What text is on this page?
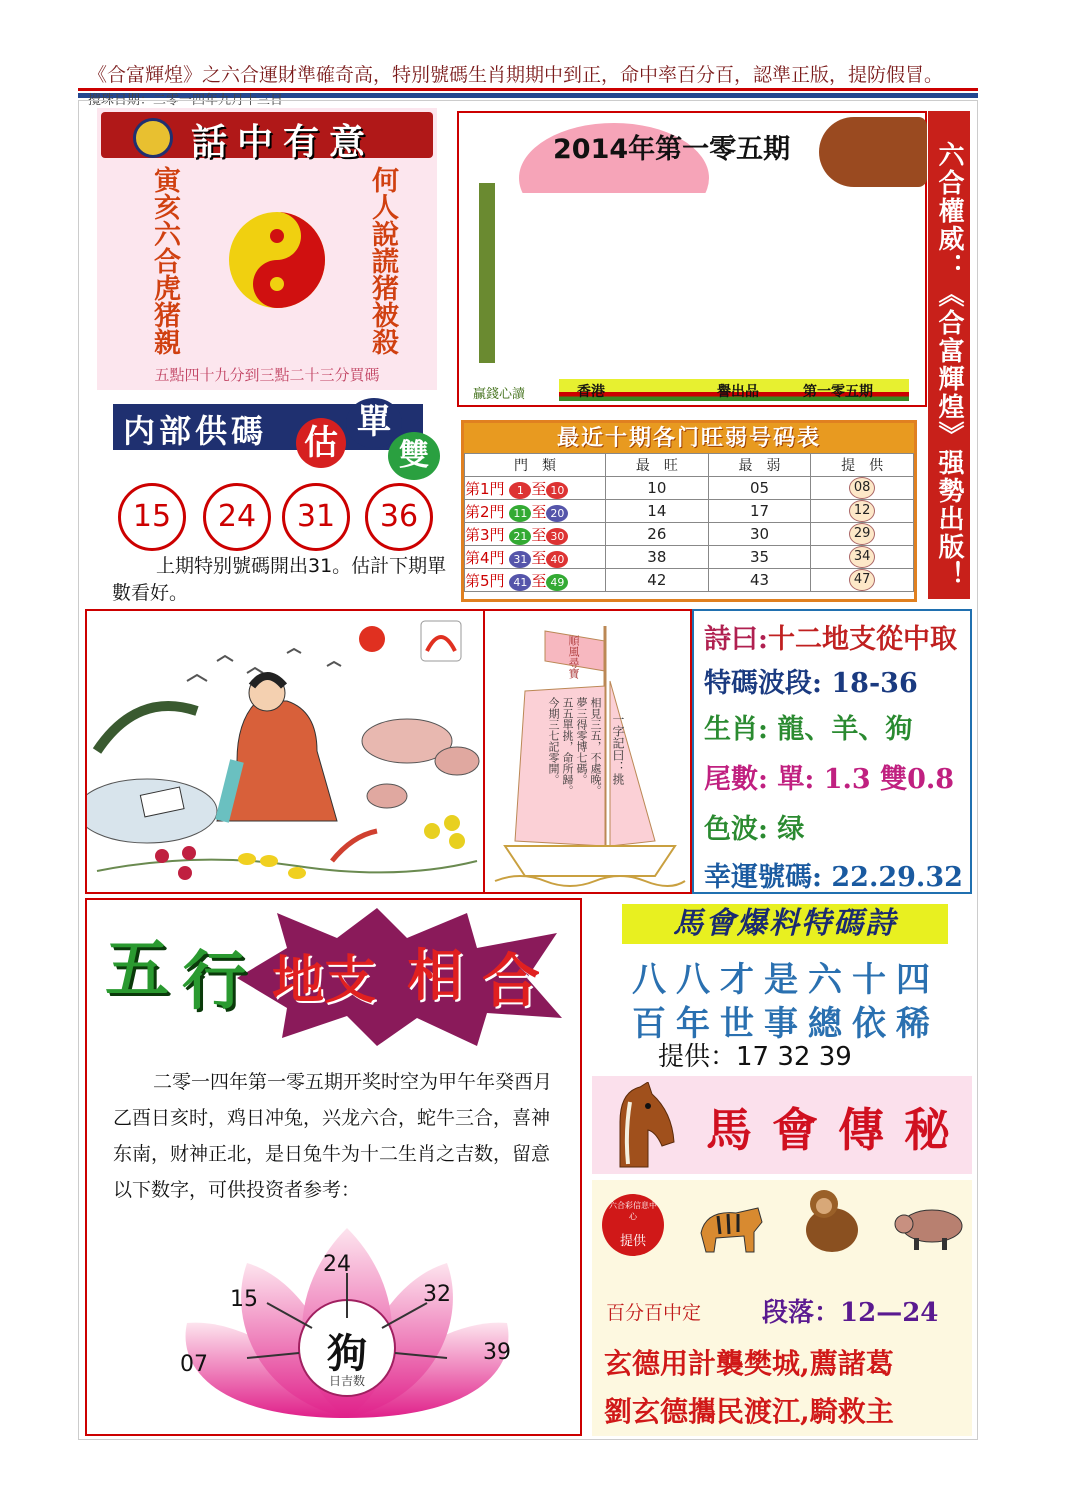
《合富輝煌》之六合運財準確奇高，特別號碼生肖期期中到正，命中率百分百，認準正版，提防假冒。
攪珠日期：二零一四年九月十三日
話中有意
寅亥六合虎猪親	何人說謊猪被殺
五點四十九分到三點二十三分買碼
2014年第一零五期
贏錢心讀	香港	譽出品	第一零五期 六合權威：《合富輝煌》强勢出版！
内部供碼 估
單
雙
15	24	31	36
上期特别號碼開出31。估計下期單數看好。
最近十期各门旺弱号码表
門　類	最　旺	最　弱	提　供
第1門 1 至 10	10	05	08
第2門 11 至 20	14	17	12
第3門 21 至 30	26	30	29
第4門 31 至 40	38	35	34
第5門 41 至 49	42	43	47
順風尋寶
一字記曰：挑
相見三五，不處晚。
夢三得零博七碼。
五五單挑，命所歸。
今期三七記零開。
詩曰:十二地支從中取
特碼波段: 18-36
生肖: 龍、羊、狗
尾數: 單: 1.3 雙0.8
色波: 绿
幸運號碼: 22.29.32
五 行 地支 相 合
二零一四年第一零五期开奖时空为甲午年癸酉月乙酉日亥时，鸡日冲兔，兴龙六合，蛇牛三合，喜神东南，财神正北，是日兔牛为十二生肖之吉数，留意以下数字，可供投资者参考：
狗
日吉数
24
15	32
07	39
馬會爆料特碼詩
八八才是六十四
百年世事總依稀
提供：17 32 39
馬會傳秘
六合彩信息中心
提供
百分百中定 段落：12—24
玄德用計襲樊城,薦諸葛
劉玄德攜民渡江,騎救主
